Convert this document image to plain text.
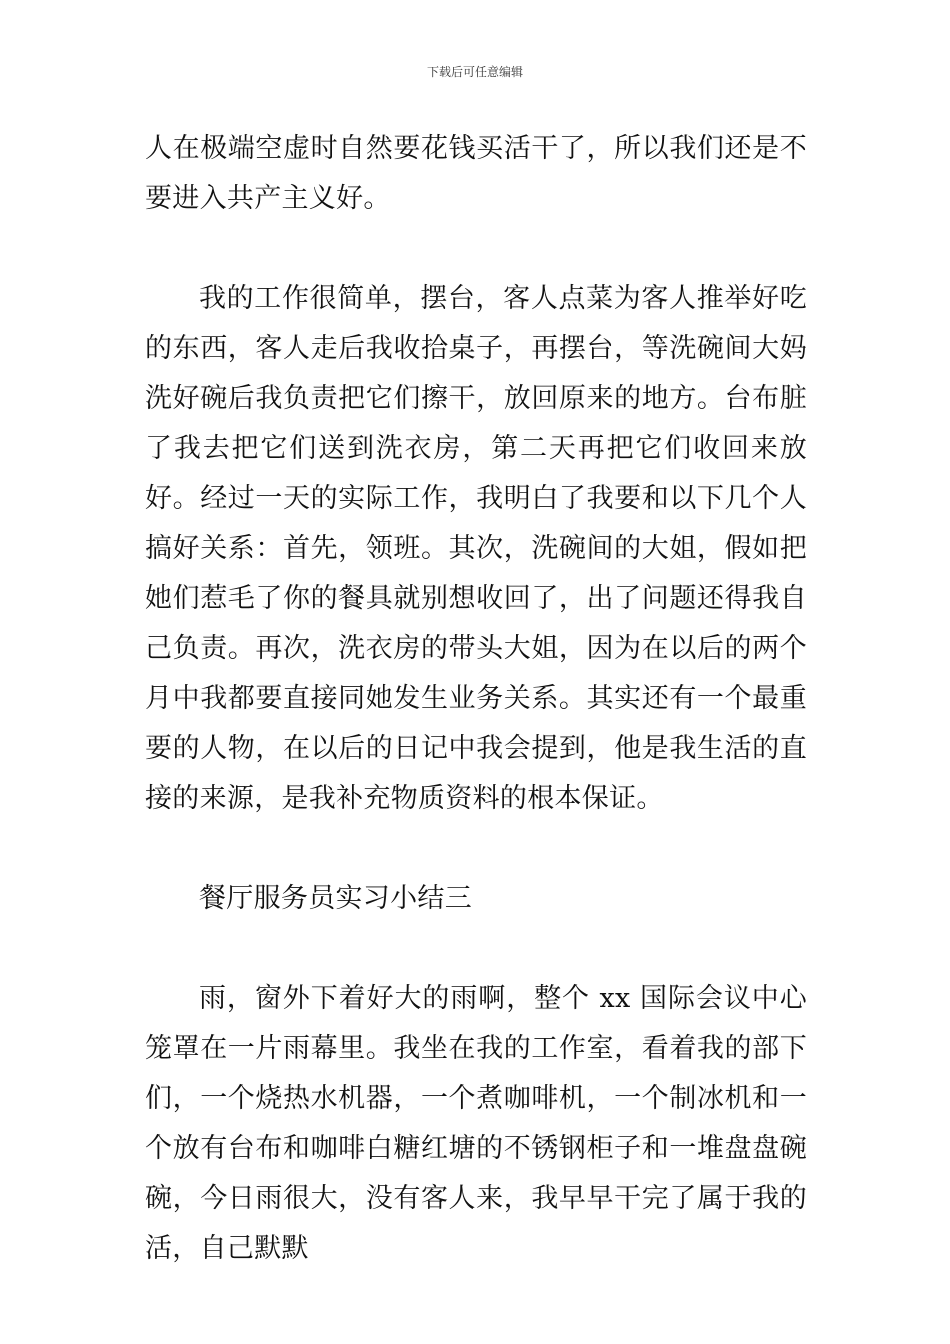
下载后可任意编辑

人在极端空虚时自然要花钱买活干了，所以我们还是不要进入共产主义好。

我的工作很简单，摆台，客人点菜为客人推举好吃的东西，客人走后我收拾桌子，再摆台，等洗碗间大妈洗好碗后我负责把它们擦干，放回原来的地方。台布脏了我去把它们送到洗衣房，第二天再把它们收回来放好。经过一天的实际工作，我明白了我要和以下几个人搞好关系：首先，领班。其次，洗碗间的大姐，假如把她们惹毛了你的餐具就别想收回了，出了问题还得我自己负责。再次，洗衣房的带头大姐，因为在以后的两个月中我都要直接同她发生业务关系。其实还有一个最重要的人物，在以后的日记中我会提到，他是我生活的直接的来源，是我补充物质资料的根本保证。

餐厅服务员实习小结三

雨，窗外下着好大的雨啊，整个 xx 国际会议中心笼罩在一片雨幕里。我坐在我的工作室，看着我的部下们，一个烧热水机器，一个煮咖啡机，一个制冰机和一个放有台布和咖啡白糖红塘的不锈钢柜子和一堆盘盘碗碗，今日雨很大，没有客人来，我早早干完了属于我的活，自己默默
